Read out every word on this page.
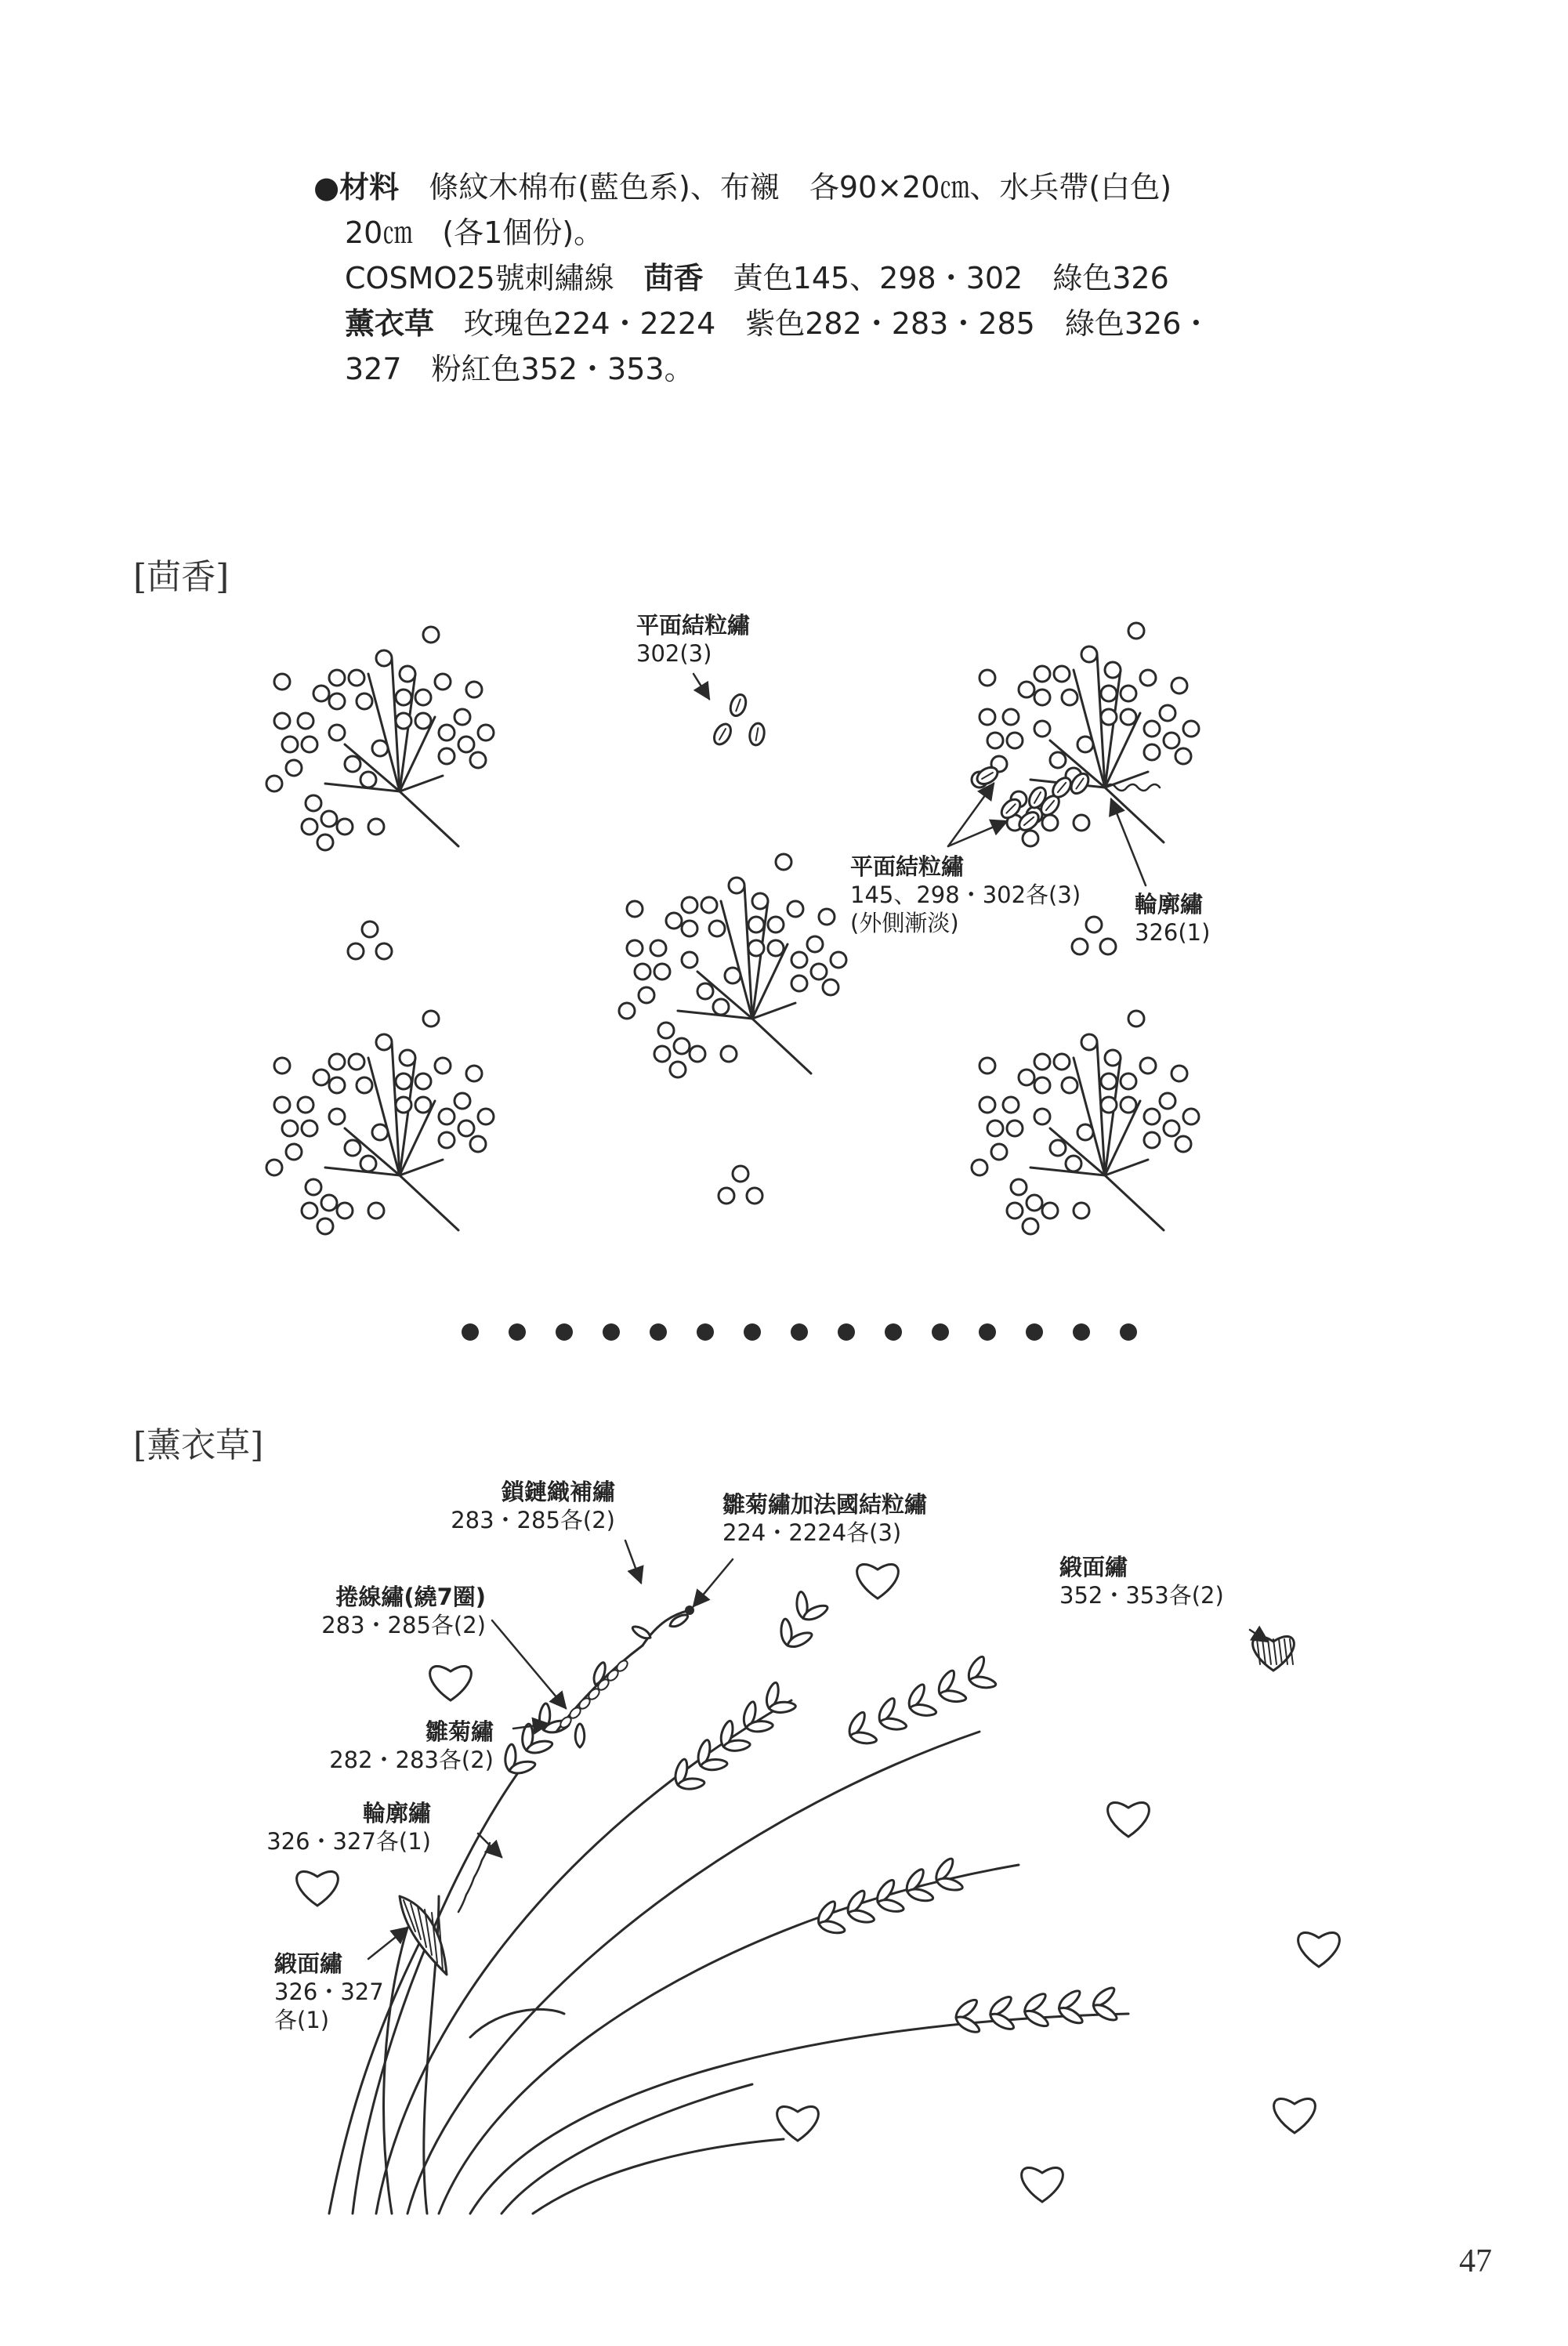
●材料　 條紋木棉布(藍色系)、布襯　各90×20㎝、水兵帶(白色)
20㎝　(各1個份)。
COSMO25號刺繡線　茴香　黃色145、298・302　綠色326
薰衣草　玫瑰色224・2224　紫色282・283・285　綠色326・
327　粉紅色352・353。
[茴香]
[薰衣草]
平面結粒繡
302(3)
平面結粒繡
145、298・302各(3)
(外側漸淡)
輪廓繡
326(1)
鎖鏈織補繡
283・285各(2)
雛菊繡加法國結粒繡
224・2224各(3)
緞面繡
352・353各(2)
捲線繡(繞7圈)
283・285各(2)
雛菊繡
282・283各(2)
輪廓繡
326・327各(1)
緞面繡
326・327
各(1)
47
